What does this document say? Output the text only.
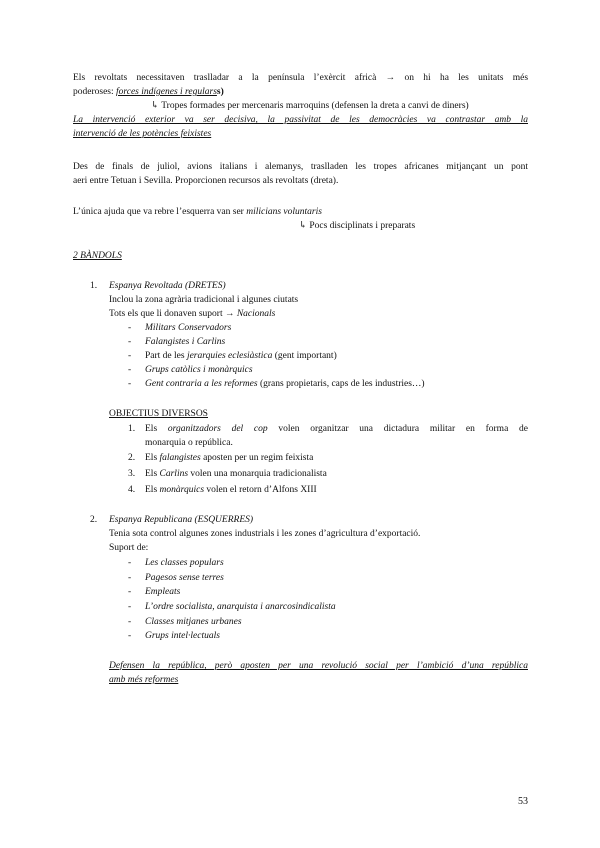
Els revoltats necessitaven traslladar a la península l’exèrcit africà → on hi ha les unitats més
poderoses: forces indígenes i regularss)
↳ Tropes formades per mercenaris marroquins (defensen la dreta a canvi de diners)
La intervenció exterior va ser decisiva, la passivitat de les democràcies va contrastar amb la
intervenció de les potències feixistes
Des de finals de juliol, avions italians i alemanys, traslladen les tropes africanes mitjançant un pont
aeri entre Tetuan i Sevilla. Proporcionen recursos als revoltats (dreta).
L’única ajuda que va rebre l’esquerra van ser milicians voluntaris
↳ Pocs disciplinats i preparats
2 BÀNDOLS
1. Espanya Revoltada (DRETES)
Inclou la zona agrària tradicional i algunes ciutats
Tots els que li donaven suport → Nacionals
- Militars Conservadors
- Falangistes i Carlins
- Part de les jerarquies eclesiàstica (gent important)
- Grups catòlics i monàrquics
- Gent contraria a les reformes (grans propietaris, caps de les industries…)
OBJECTIUS DIVERSOS
1. Els organitzadors del cop volen organitzar una dictadura militar en forma de
monarquia o república.
2. Els falangistes aposten per un regim feixista
3. Els Carlins volen una monarquia tradicionalista
4. Els monàrquics volen el retorn d’Alfons XIII
2. Espanya Republicana (ESQUERRES)
Tenia sota control algunes zones industrials i les zones d’agricultura d’exportació.
Suport de:
- Les classes populars
- Pagesos sense terres
- Empleats
- L’ordre socialista, anarquista i anarcosindicalista
- Classes mitjanes urbanes
- Grups intel·lectuals
Defensen la república, però aposten per una revolució social per l’ambició d’una república
amb més reformes
53
